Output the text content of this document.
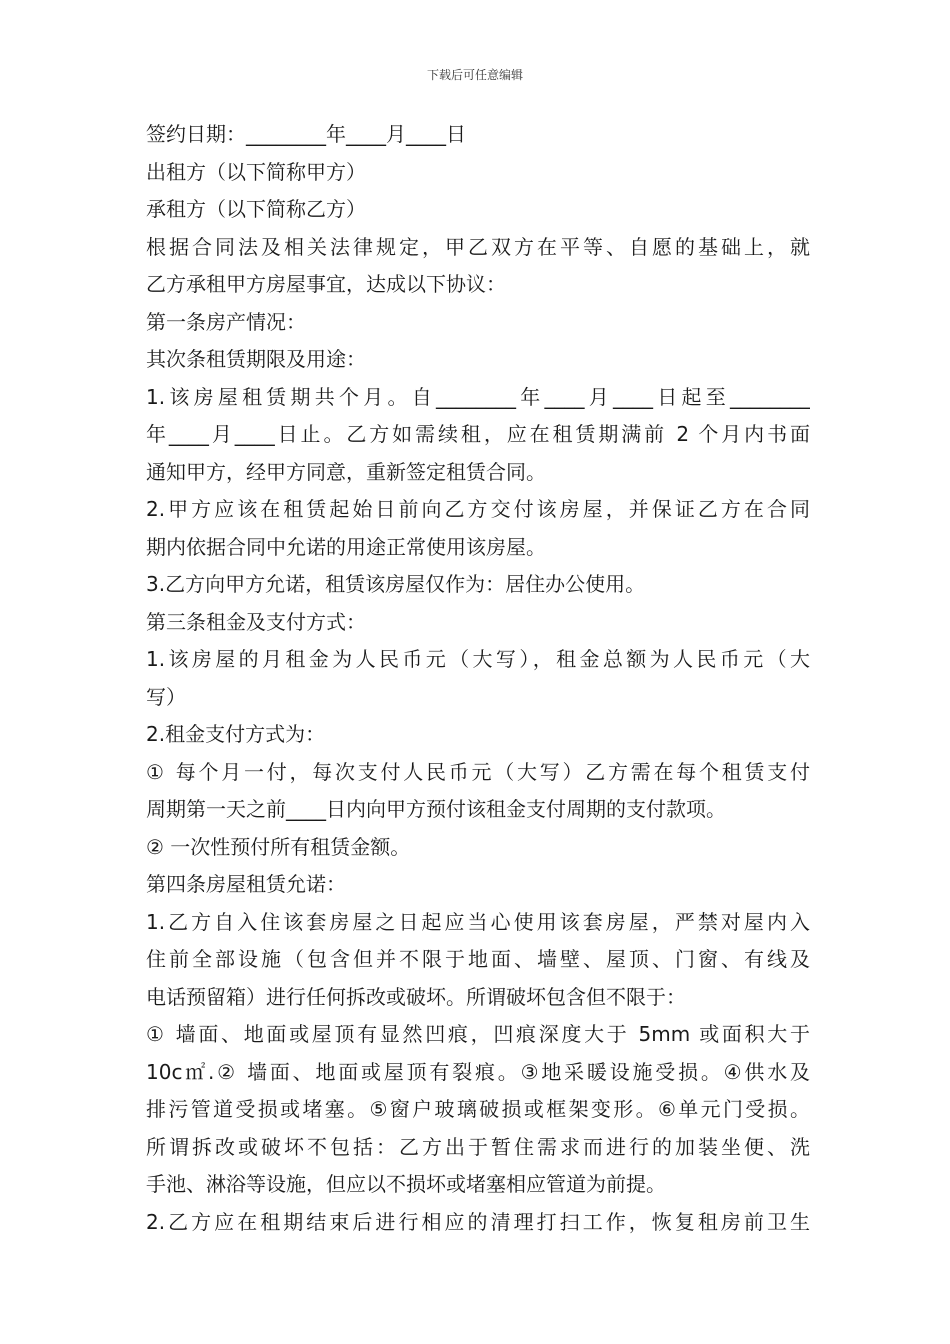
下载后可任意编辑
签约日期：________年____月____日
出租方（以下简称甲方）
承租方（以下简称乙方）
根据合同法及相关法律规定，甲乙双方在平等、自愿的基础上，就
乙方承租甲方房屋事宜，达成以下协议：
第一条房产情况：
其次条租赁期限及用途：
1.该房屋租赁期共个月。自________年____月____日起至________
年____月____日止。乙方如需续租，应在租赁期满前 2 个月内书面
通知甲方，经甲方同意，重新签定租赁合同。
2.甲方应该在租赁起始日前向乙方交付该房屋，并保证乙方在合同
期内依据合同中允诺的用途正常使用该房屋。
3.乙方向甲方允诺，租赁该房屋仅作为：居住办公使用。
第三条租金及支付方式：
1.该房屋的月租金为人民币元（大写），租金总额为人民币元（大
写）
2.租金支付方式为：
① 每个月一付，每次支付人民币元（大写）乙方需在每个租赁支付
周期第一天之前____日内向甲方预付该租金支付周期的支付款项。
② 一次性预付所有租赁金额。
第四条房屋租赁允诺：
1.乙方自入住该套房屋之日起应当心使用该套房屋，严禁对屋内入
住前全部设施（包含但并不限于地面、墙壁、屋顶、门窗、有线及
电话预留箱）进行任何拆改或破坏。所谓破坏包含但不限于：
① 墙面、地面或屋顶有显然凹痕，凹痕深度大于 5mm 或面积大于
10c㎡.② 墙面、地面或屋顶有裂痕。③地采暖设施受损。④供水及
排污管道受损或堵塞。⑤窗户玻璃破损或框架变形。⑥单元门受损。
所谓拆改或破坏不包括：乙方出于暂住需求而进行的加装坐便、洗
手池、淋浴等设施，但应以不损坏或堵塞相应管道为前提。
2.乙方应在租期结束后进行相应的清理打扫工作，恢复租房前卫生
